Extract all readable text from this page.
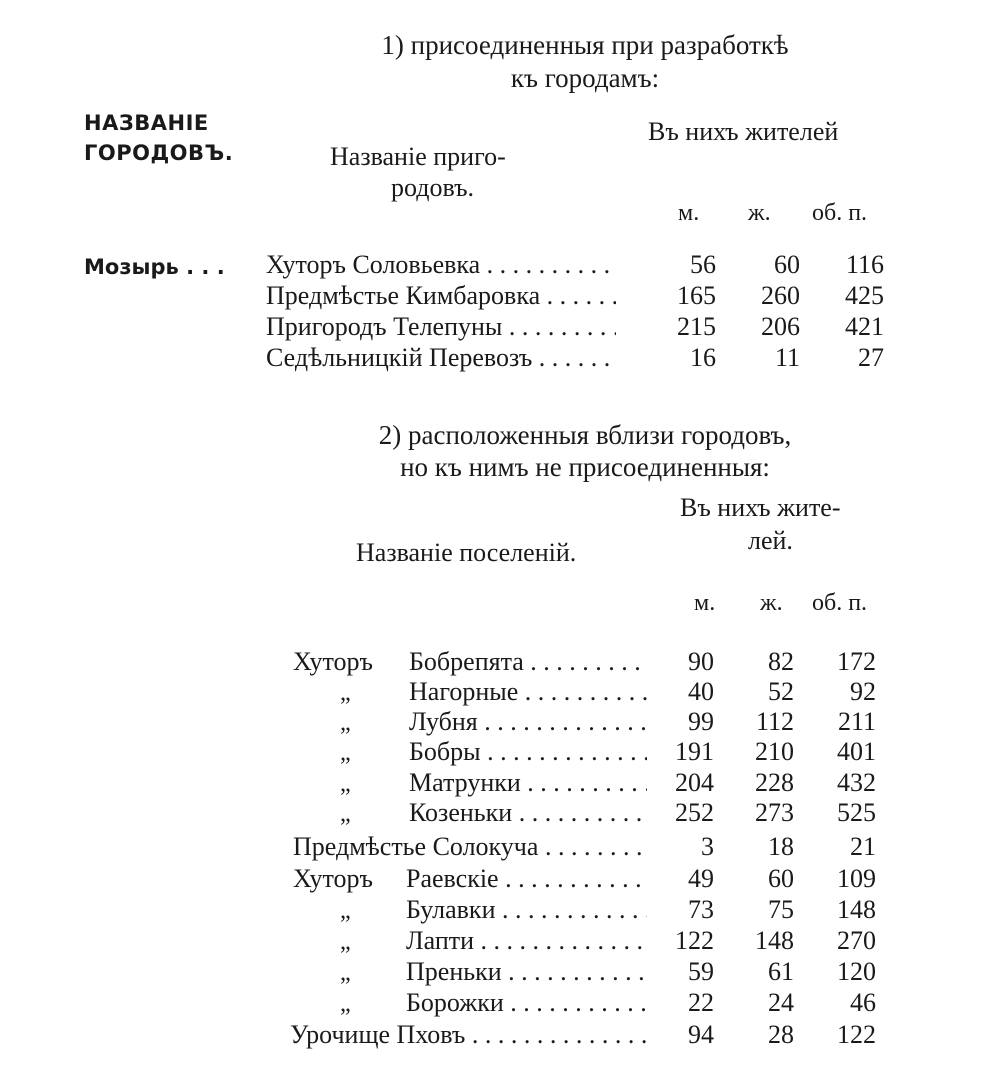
1) присоединенныя при разработкѣ
къ городамъ:
НАЗВАНІЕ
ГОРОДОВЪ.	Названіе приго-
родовъ.
Въ нихъ жителей
м. ж. об. п.
Мозырь . . . Хуторъ Соловьевка . . .	56	60	116
Предмѣстье Кимбаровка . . .	165	260	425
Пригородъ Телепуны . . .	215	206	421
Седѣльницкій Перевозъ . . .	16	11	27
2) расположенныя вблизи городовъ,
но къ нимъ не присоединенныя:
Въ нихъ жите-
лей.
Названіе поселеній.
м. ж. об. п.
Хуторъ Бобрепята . . .	90	82	172
„ Нагорные . . .	40	52	92
„ Лубня . . .	99	112	211
„ Бобры . . .	191	210	401
„ Матрунки . . .	204	228	432
„ Козеньки . . .	252	273	525
Предмѣстье Солокуча . . .	3	18	21
Хуторъ Раевскіе . . .	49	60	109
„ Булавки . . .	73	75	148
„ Лапти . . .	122	148	270
„ Преньки . . .	59	61	120
„ Борожки . . .	22	24	46
Урочище Пховъ . . .	94	28	122
